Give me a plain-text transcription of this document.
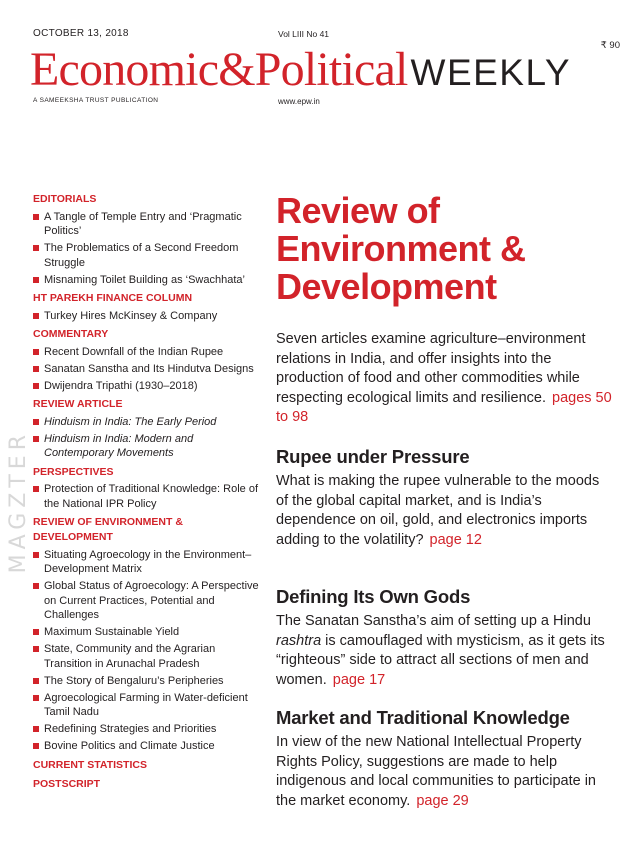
OCTOBER 13, 2018	Vol LIII No 41
₹ 90
Economic&PoliticalWEEKLY
A SAMEEKSHA TRUST PUBLICATION	www.epw.in
MAGZTER
EDITORIALS
A Tangle of Temple Entry and ‘Pragmatic Politics’
The Problematics of a Second Freedom Struggle
Misnaming Toilet Building as ‘Swachhata’
HT PAREKH FINANCE COLUMN
Turkey Hires McKinsey & Company
COMMENTARY
Recent Downfall of the Indian Rupee
Sanatan Sanstha and Its Hindutva Designs
Dwijendra Tripathi (1930–2018)
REVIEW ARTICLE
Hinduism in India: The Early Period
Hinduism in India: Modern and Contemporary Movements
PERSPECTIVES
Protection of Traditional Knowledge: Role of the National IPR Policy
REVIEW OF ENVIRONMENT & DEVELOPMENT
Situating Agroecology in the Environment–Development Matrix
Global Status of Agroecology: A Perspective on Current Practices, Potential and Challenges
Maximum Sustainable Yield
State, Community and the Agrarian Transition in Arunachal Pradesh
The Story of Bengaluru’s Peripheries
Agroecological Farming in Water-deficient Tamil Nadu
Redefining Strategies and Priorities
Bovine Politics and Climate Justice
CURRENT STATISTICS
POSTSCRIPT
Review of Environment & Development
Seven articles examine agriculture–environment relations in India, and offer insights into the production of food and other commodities while respecting ecological limits and resilience. pages 50 to 98
Rupee under Pressure
What is making the rupee vulnerable to the moods of the global capital market, and is India’s dependence on oil, gold, and electronics imports adding to the volatility? page 12
Defining Its Own Gods
The Sanatan Sanstha’s aim of setting up a Hindu rashtra is camouflaged with mysticism, as it gets its “righteous” side to attract all sections of men and women. page 17
Market and Traditional Knowledge
In view of the new National Intellectual Property Rights Policy, suggestions are made to help indigenous and local communities to participate in the market economy. page 29
